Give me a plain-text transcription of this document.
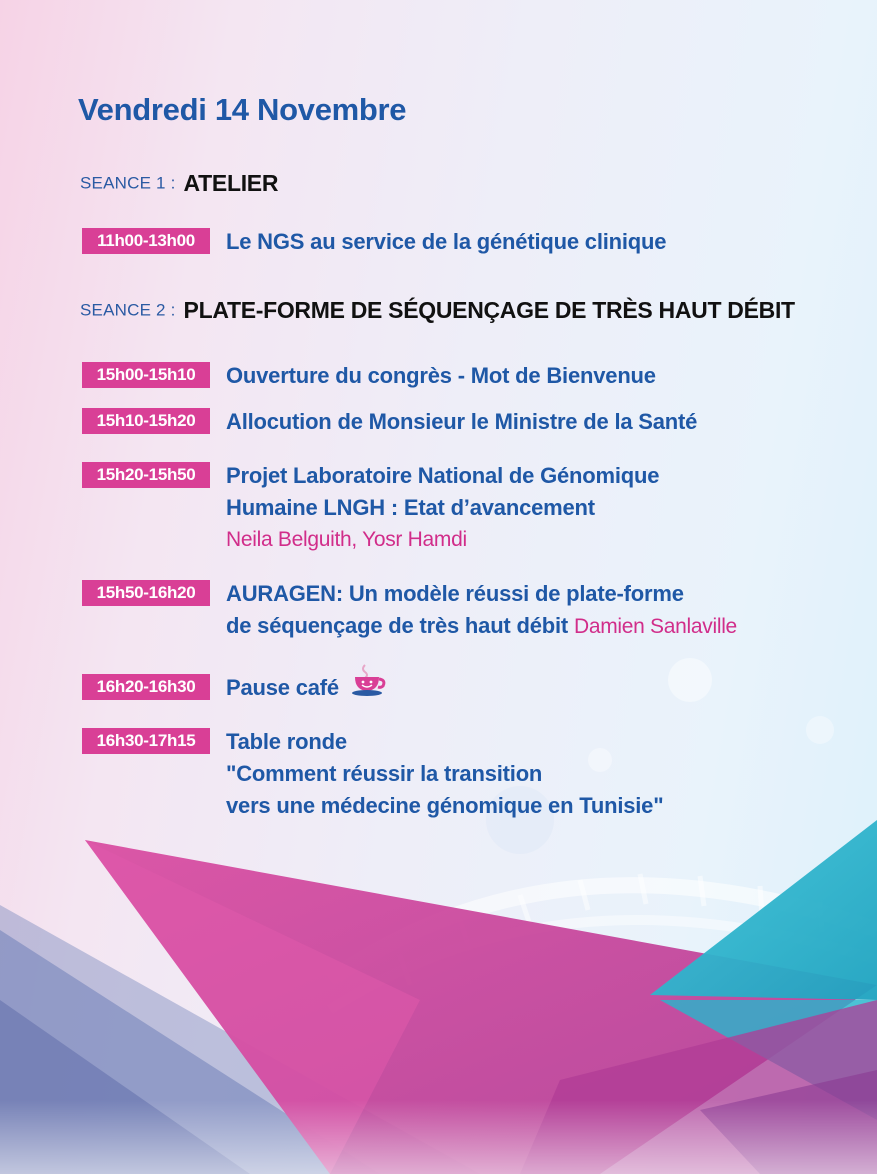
Vendredi 14 Novembre
SEANCE 1 : ATELIER
11h00-13h00	Le NGS au service de la génétique clinique
SEANCE 2 : PLATE-FORME DE SÉQUENÇAGE DE TRÈS HAUT DÉBIT
15h00-15h10	Ouverture du congrès - Mot de Bienvenue
15h10-15h20	Allocution de Monsieur le Ministre de la Santé
15h20-15h50	Projet Laboratoire National de Génomique
Humaine LNGH : Etat d’avancement
Neila Belguith, Yosr Hamdi
15h50-16h20	AURAGEN: Un modèle réussi de plate-forme
de séquençage de très haut débit Damien Sanlaville
16h20-16h30	Pause café
16h30-17h15	Table ronde
"Comment réussir la transition
vers une médecine génomique en Tunisie"
